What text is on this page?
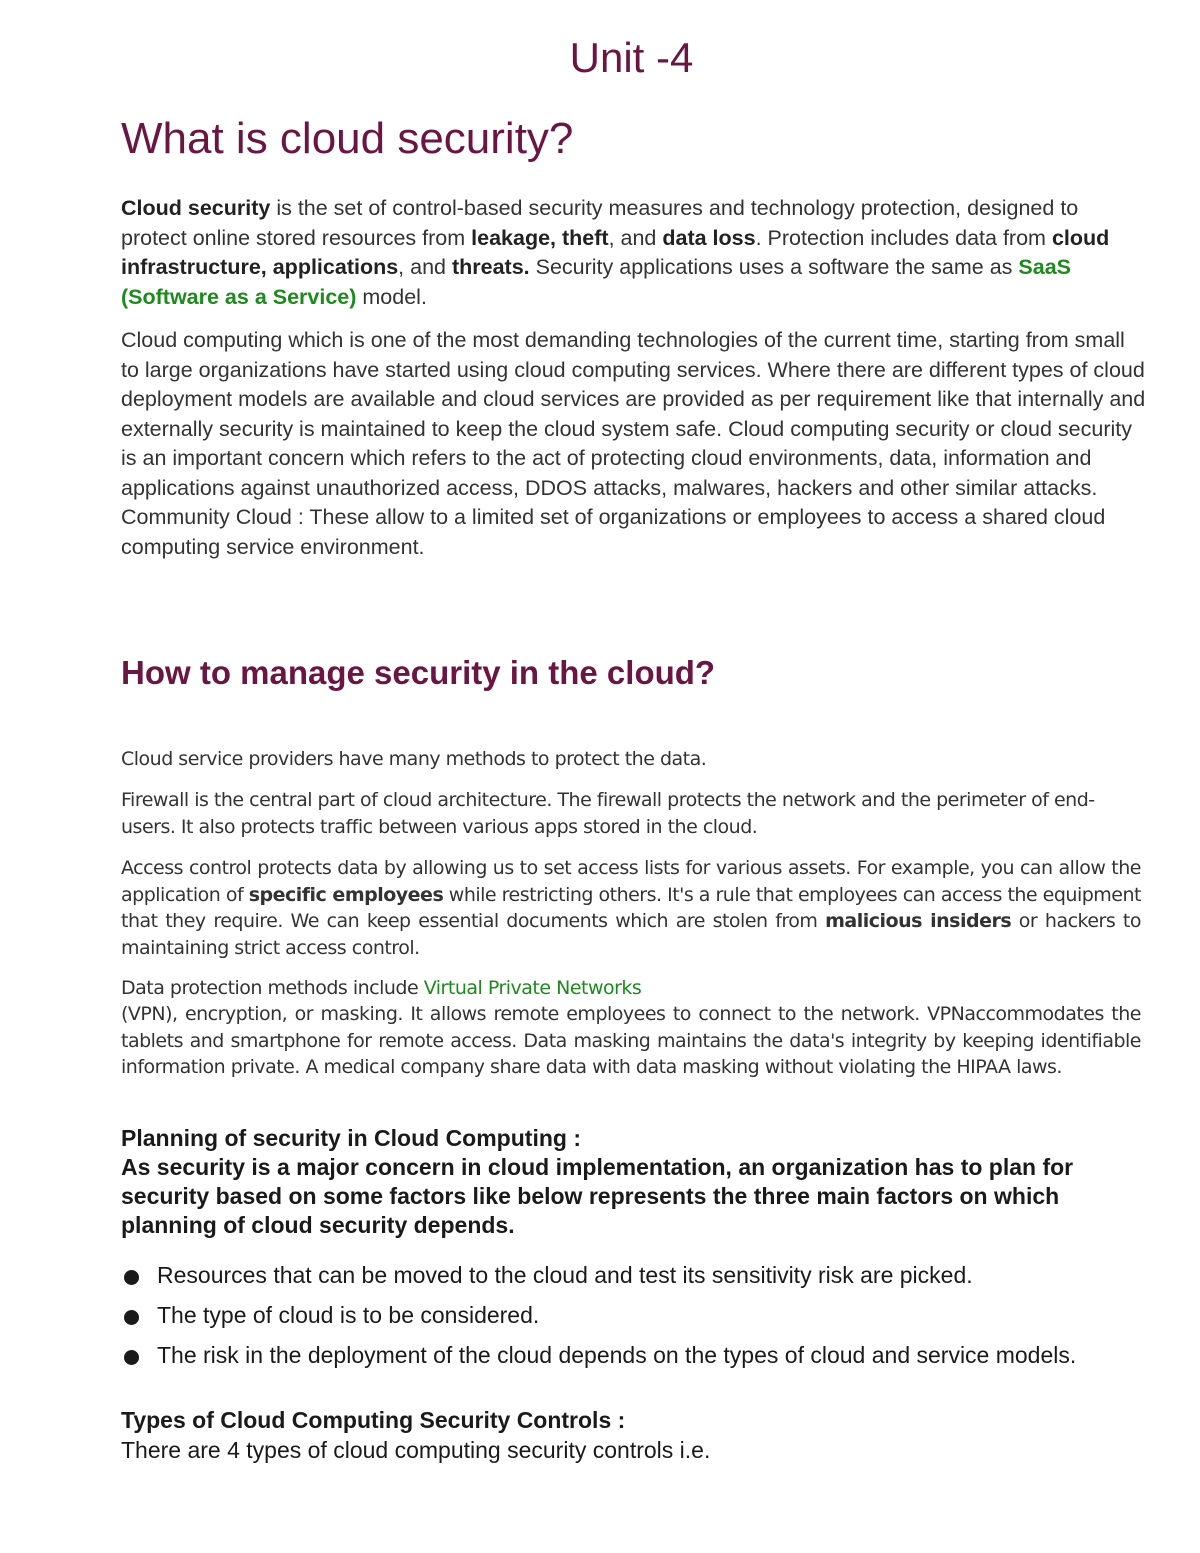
Unit -4
What is cloud security?

Cloud security is the set of control-based security measures and technology protection, designed to protect online stored resources from leakage, theft, and data loss. Protection includes data from cloud infrastructure, applications, and threats. Security applications uses a software the same as SaaS (Software as a Service) model.

Cloud computing which is one of the most demanding technologies of the current time, starting from small to large organizations have started using cloud computing services. Where there are different types of cloud deployment models are available and cloud services are provided as per requirement like that internally and externally security is maintained to keep the cloud system safe. Cloud computing security or cloud security is an important concern which refers to the act of protecting cloud environments, data, information and applications against unauthorized access, DDOS attacks, malwares, hackers and other similar attacks. Community Cloud : These allow to a limited set of organizations or employees to access a shared cloud computing service environment.

How to manage security in the cloud?

Cloud service providers have many methods to protect the data.

Firewall is the central part of cloud architecture. The firewall protects the network and the perimeter of end-users. It also protects traffic between various apps stored in the cloud.

Access control protects data by allowing us to set access lists for various assets. For example, you can allow the application of specific employees while restricting others. It's a rule that employees can access the equipment that they require. We can keep essential documents which are stolen from malicious insiders or hackers to maintaining strict access control.

Data protection methods include Virtual Private Networks

(VPN), encryption, or masking. It allows remote employees to connect to the network. VPNaccommodates the tablets and smartphone for remote access. Data masking maintains the data's integrity by keeping identifiable information private. A medical company share data with data masking without violating the HIPAA laws.

Planning of security in Cloud Computing :

As security is a major concern in cloud implementation, an organization has to plan for security based on some factors like below represents the three main factors on which planning of cloud security depends.

Resources that can be moved to the cloud and test its sensitivity risk are picked.
The type of cloud is to be considered.
The risk in the deployment of the cloud depends on the types of cloud and service models.

Types of Cloud Computing Security Controls :

There are 4 types of cloud computing security controls i.e.
